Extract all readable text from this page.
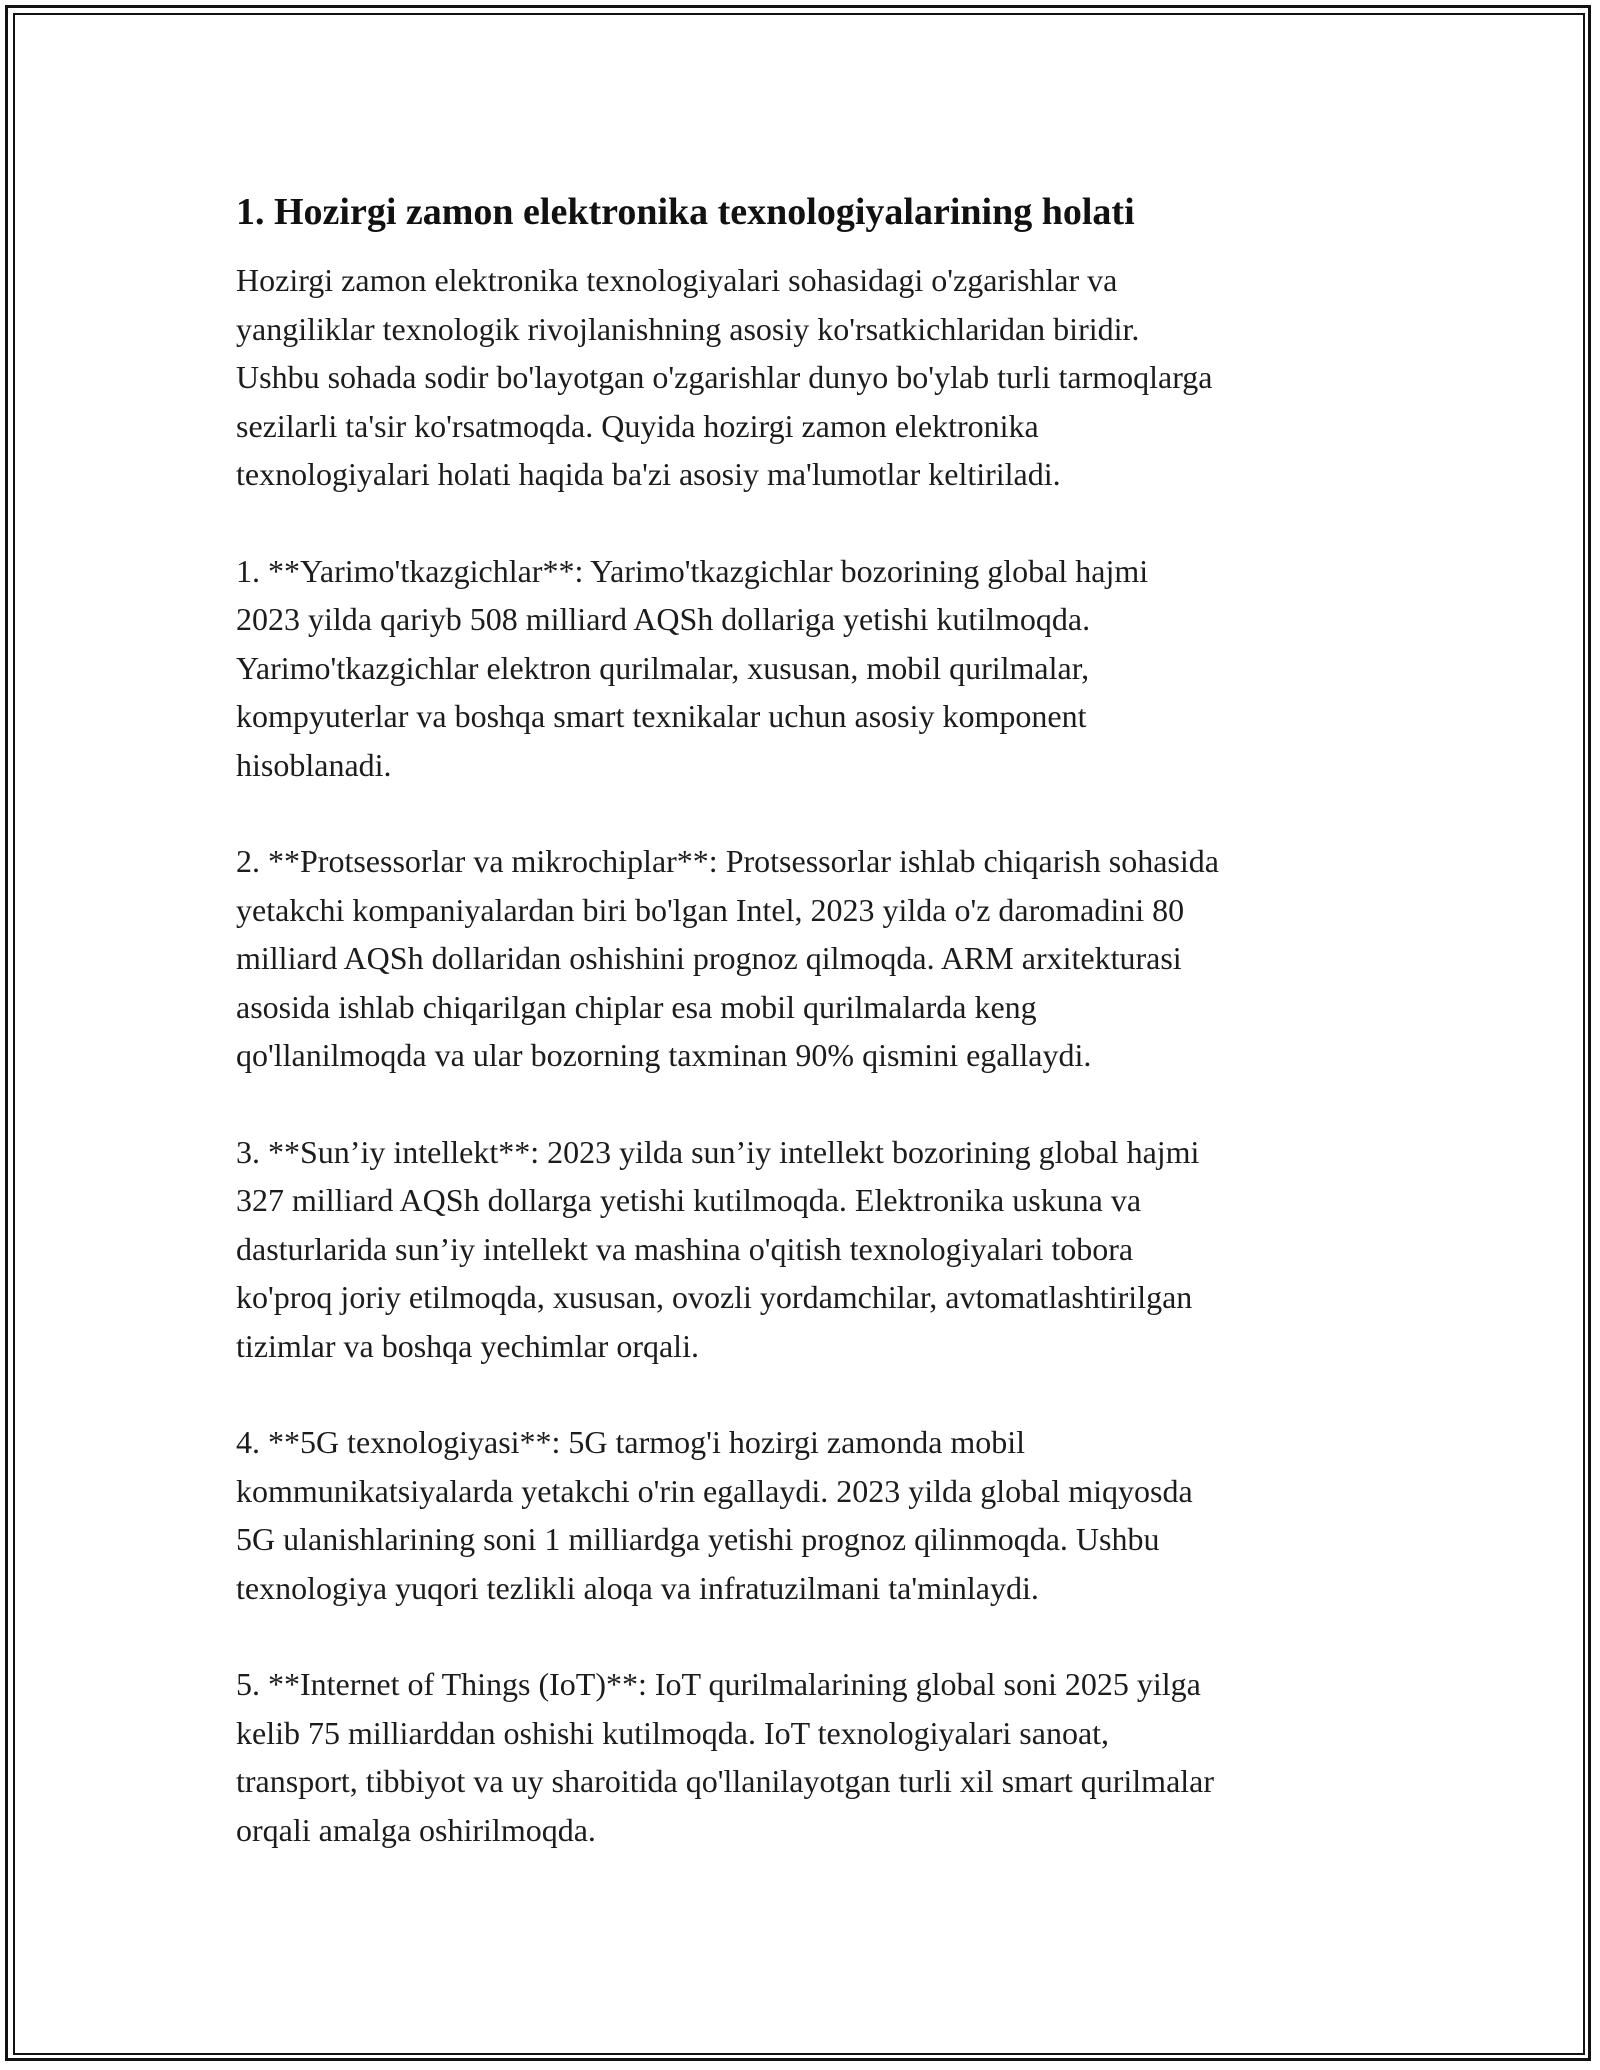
1. Hozirgi zamon elektronika texnologiyalarining holati

Hozirgi zamon elektronika texnologiyalari sohasidagi o'zgarishlar va
yangiliklar texnologik rivojlanishning asosiy ko'rsatkichlaridan biridir.
Ushbu sohada sodir bo'layotgan o'zgarishlar dunyo bo'ylab turli tarmoqlarga
sezilarli ta'sir ko'rsatmoqda. Quyida hozirgi zamon elektronika
texnologiyalari holati haqida ba'zi asosiy ma'lumotlar keltiriladi.

1. **Yarimo'tkazgichlar**: Yarimo'tkazgichlar bozorining global hajmi
2023 yilda qariyb 508 milliard AQSh dollariga yetishi kutilmoqda.
Yarimo'tkazgichlar elektron qurilmalar, xususan, mobil qurilmalar,
kompyuterlar va boshqa smart texnikalar uchun asosiy komponent
hisoblanadi.

2. **Protsessorlar va mikrochiplar**: Protsessorlar ishlab chiqarish sohasida
yetakchi kompaniyalardan biri bo'lgan Intel, 2023 yilda o'z daromadini 80
milliard AQSh dollaridan oshishini prognoz qilmoqda. ARM arxitekturasi
asosida ishlab chiqarilgan chiplar esa mobil qurilmalarda keng
qo'llanilmoqda va ular bozorning taxminan 90% qismini egallaydi.

3. **Sun’iy intellekt**: 2023 yilda sun’iy intellekt bozorining global hajmi
327 milliard AQSh dollarga yetishi kutilmoqda. Elektronika uskuna va
dasturlarida sun’iy intellekt va mashina o'qitish texnologiyalari tobora
ko'proq joriy etilmoqda, xususan, ovozli yordamchilar, avtomatlashtirilgan
tizimlar va boshqa yechimlar orqali.

4. **5G texnologiyasi**: 5G tarmog'i hozirgi zamonda mobil
kommunikatsiyalarda yetakchi o'rin egallaydi. 2023 yilda global miqyosda
5G ulanishlarining soni 1 milliardga yetishi prognoz qilinmoqda. Ushbu
texnologiya yuqori tezlikli aloqa va infratuzilmani ta'minlaydi.

5. **Internet of Things (IoT)**: IoT qurilmalarining global soni 2025 yilga
kelib 75 milliarddan oshishi kutilmoqda. IoT texnologiyalari sanoat,
transport, tibbiyot va uy sharoitida qo'llanilayotgan turli xil smart qurilmalar
orqali amalga oshirilmoqda.
